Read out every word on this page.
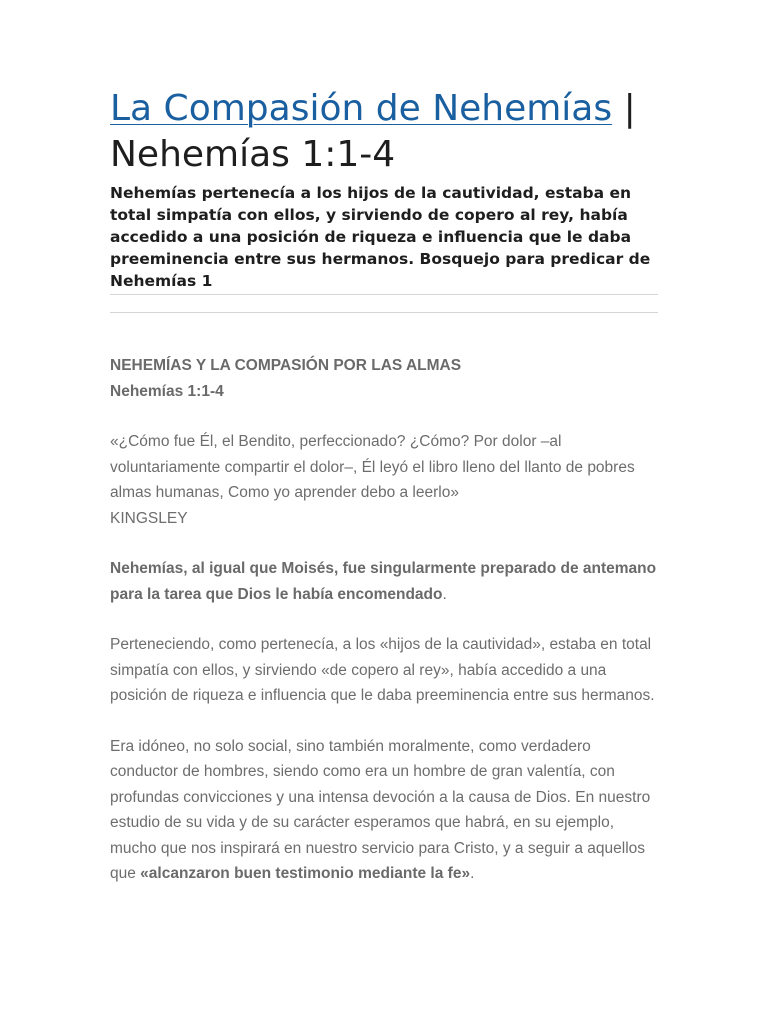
La Compasión de Nehemías | Nehemías 1:1-4
Nehemías pertenecía a los hijos de la cautividad, estaba en total simpatía con ellos, y sirviendo de copero al rey, había accedido a una posición de riqueza e influencia que le daba preeminencia entre sus hermanos. Bosquejo para predicar de Nehemías 1

NEHEMÍAS Y LA COMPASIÓN POR LAS ALMAS
Nehemías 1:1-4

«¿Cómo fue Él, el Bendito, perfeccionado? ¿Cómo? Por dolor –al voluntariamente compartir el dolor–, Él leyó el libro lleno del llanto de pobres almas humanas, Como yo aprender debo a leerlo»
KINGSLEY

Nehemías, al igual que Moisés, fue singularmente preparado de antemano para la tarea que Dios le había encomendado.

Perteneciendo, como pertenecía, a los «hijos de la cautividad», estaba en total simpatía con ellos, y sirviendo «de copero al rey», había accedido a una posición de riqueza e influencia que le daba preeminencia entre sus hermanos.

Era idóneo, no solo social, sino también moralmente, como verdadero conductor de hombres, siendo como era un hombre de gran valentía, con profundas convicciones y una intensa devoción a la causa de Dios. En nuestro estudio de su vida y de su carácter esperamos que habrá, en su ejemplo, mucho que nos inspirará en nuestro servicio para Cristo, y a seguir a aquellos que «alcanzaron buen testimonio mediante la fe».
